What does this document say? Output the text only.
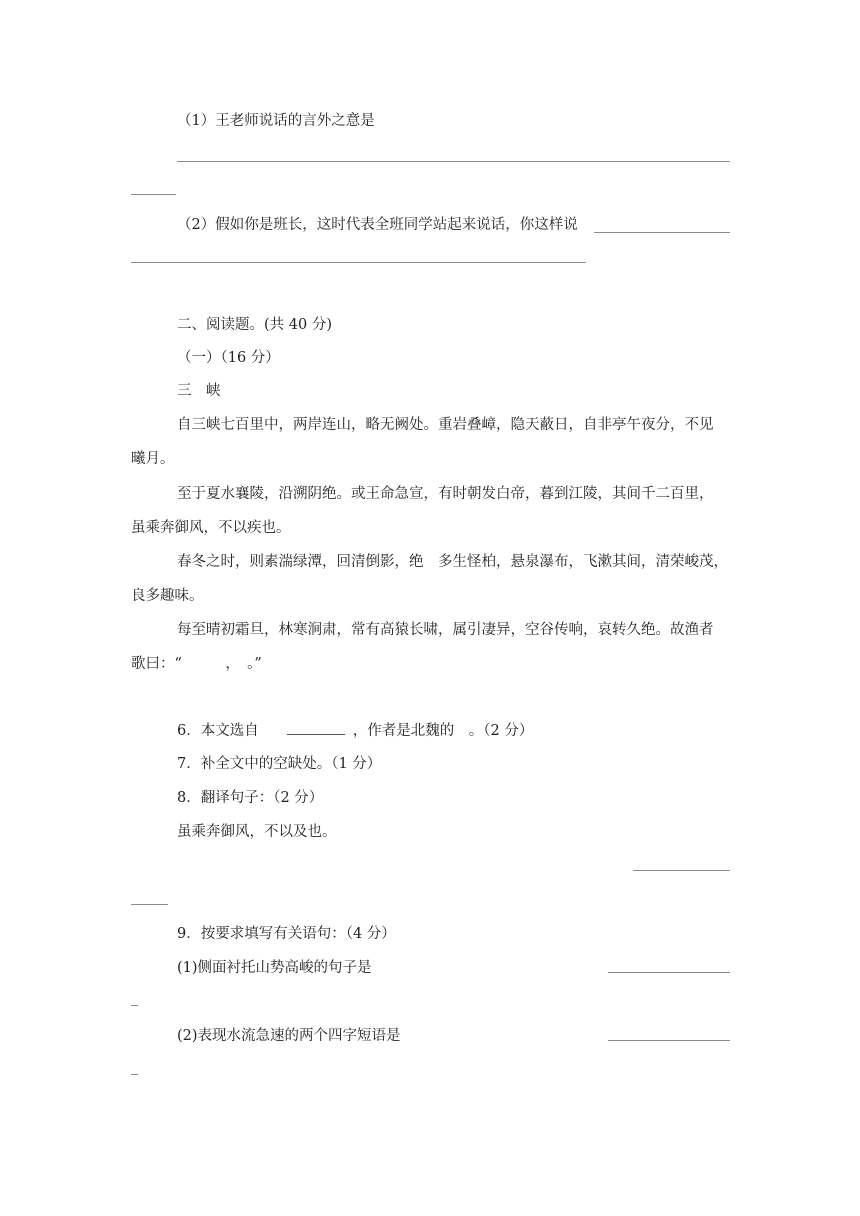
（1）王老师说话的言外之意是
（2）假如你是班长，这时代表全班同学站起来说话，你这样说
二、阅读题。(共 40 分)
（一）（16 分）
三　峡
自三峡七百里中，两岸连山，略无阙处。重岩叠嶂，隐天蔽日，自非亭午夜分，不见
曦月。
至于夏水襄陵，沿溯阴绝。或王命急宣，有时朝发白帝，暮到江陵，其间千二百里，
虽乘奔御风，不以疾也。
春冬之时，则素湍绿潭，回清倒影，绝　多生怪柏，悬泉瀑布，飞漱其间，清荣峻茂，
良多趣味。
每至晴初霜旦，林寒涧肃，常有高猿长啸，属引凄异，空谷传响，哀转久绝。故渔者
歌曰：“　　　，　。”
6．本文选自	，作者是北魏的　。（2 分）
7．补全文中的空缺处。（1 分）
8．翻译句子：（2 分）
虽乘奔御风，不以及也。
9．按要求填写有关语句：（4 分）
(1)侧面衬托山势高峻的句子是
(2)表现水流急速的两个四字短语是
